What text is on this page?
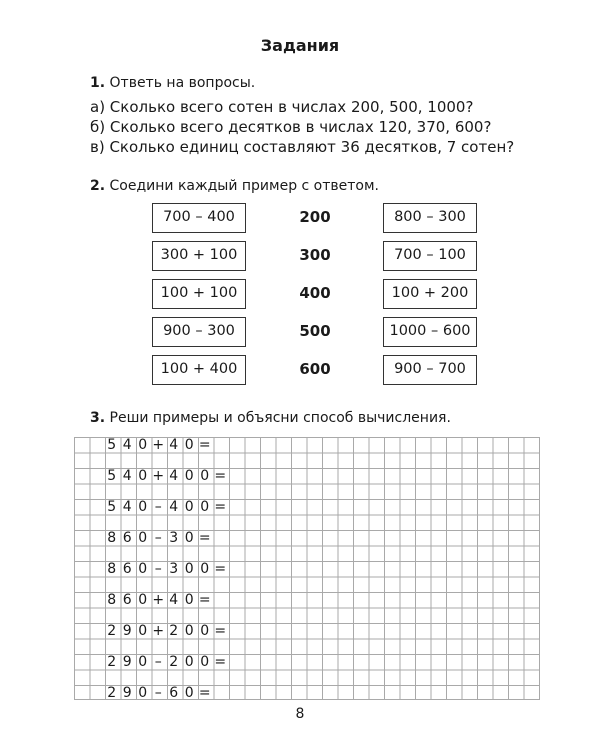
Задания
1. Ответь на вопросы.
а) Сколько всего сотен в числах 200, 500, 1000?
б) Сколько всего десятков в числах 120, 370, 600?
в) Сколько единиц составляют 36 десятков, 7 сотен?
2. Соедини каждый пример с ответом.
700 – 400
300 + 100
100 + 100
900 – 300
100 + 400
200
300
400
500
600
800 – 300
700 – 100
100 + 200
1000 – 600
900 – 700
3. Реши примеры и объясни способ вычисления.
5 4 0 + 4 0 =
5 4 0 + 4 0 0 =
5 4 0 – 4 0 0 =
8 6 0 – 3 0 =
8 6 0 – 3 0 0 =
8 6 0 + 4 0 =
2 9 0 + 2 0 0 =
2 9 0 – 2 0 0 =
2 9 0 – 6 0 =
8
